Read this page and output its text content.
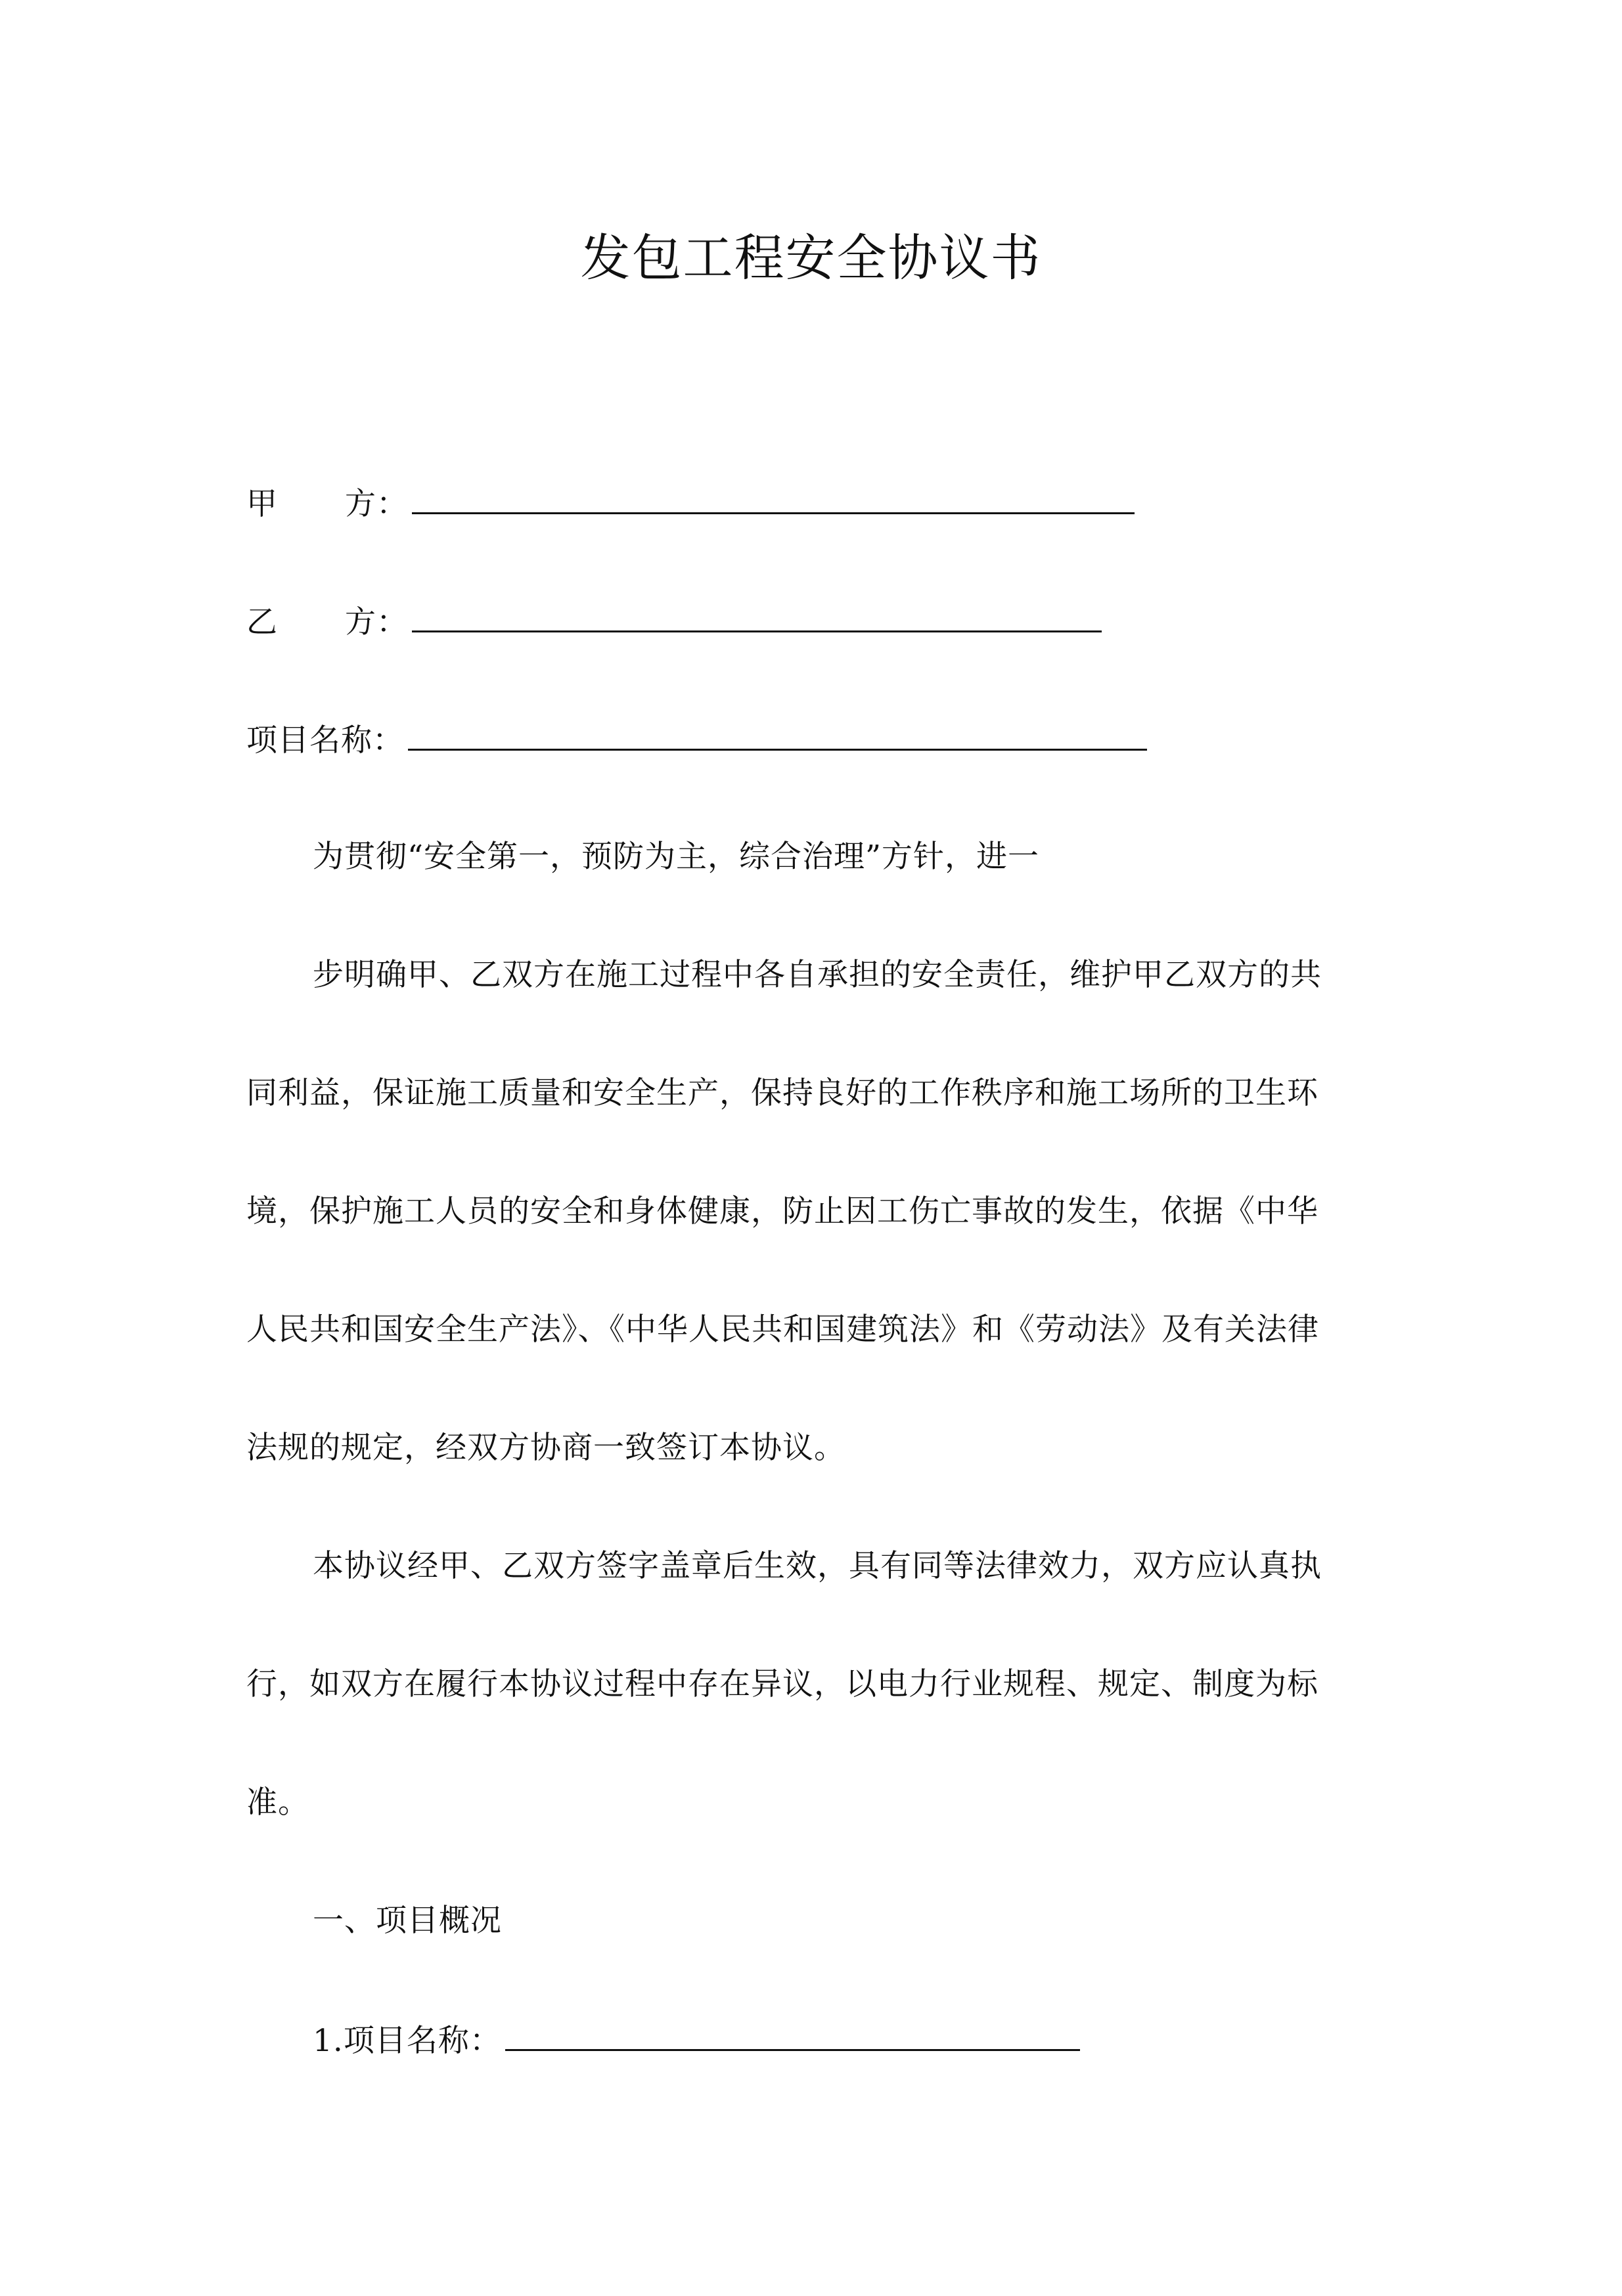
发包工程安全协议书
甲 方：
乙 方：
项目名称：
为贯彻“安全第一，预防为主，综合治理”方针，进一
步明确甲、乙双方在施工过程中各自承担的安全责任，维护甲乙双方的共
同利益，保证施工质量和安全生产，保持良好的工作秩序和施工场所的卫生环
境，保护施工人员的安全和身体健康，防止因工伤亡事故的发生，依据《中华
人民共和国安全生产法》、《中华人民共和国建筑法》和《劳动法》及有关法律
法规的规定，经双方协商一致签订本协议。
本协议经甲、乙双方签字盖章后生效，具有同等法律效力，双方应认真执
行，如双方在履行本协议过程中存在异议，以电力行业规程、规定、制度为标
准。
一、项目概况
1.项目名称：
